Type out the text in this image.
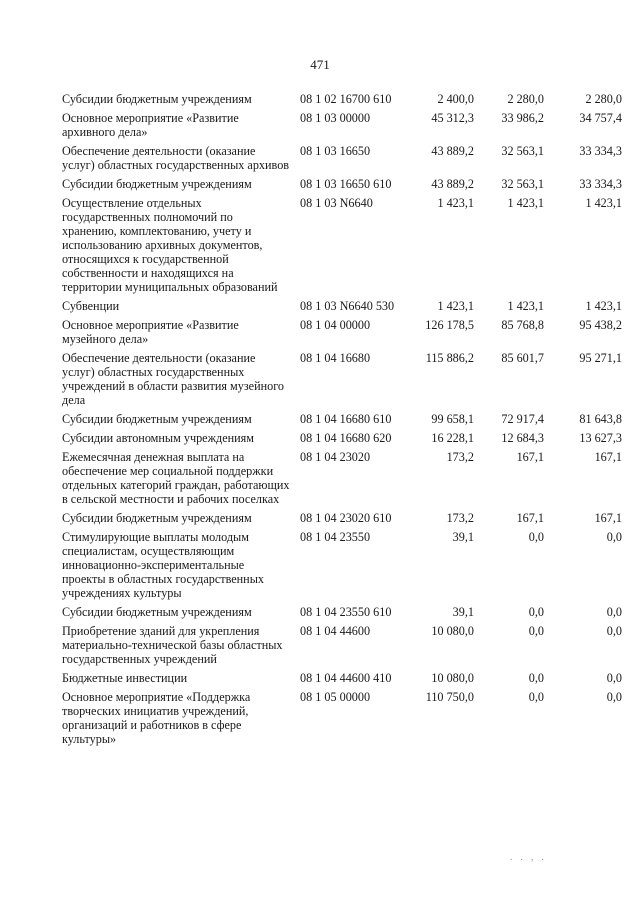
471
Субсидии бюджетным учреждениям	08 1 02 16700 610	2 400,0	2 280,0	2 280,0
Основное мероприятие «Развитие архивного дела»	08 1 03 00000	45 312,3	33 986,2	34 757,4
Обеспечение деятельности (оказание услуг) областных государственных архивов	08 1 03 16650	43 889,2	32 563,1	33 334,3
Субсидии бюджетным учреждениям	08 1 03 16650 610	43 889,2	32 563,1	33 334,3
Осуществление отдельных государственных полномочий по хранению, комплектованию, учету и использованию архивных документов, относящихся к государственной собственности и находящихся на территории муниципальных образований	08 1 03 N6640	1 423,1	1 423,1	1 423,1
Субвенции	08 1 03 N6640 530	1 423,1	1 423,1	1 423,1
Основное мероприятие «Развитие музейного дела»	08 1 04 00000	126 178,5	85 768,8	95 438,2
Обеспечение деятельности (оказание услуг) областных государственных учреждений в области развития музейного дела	08 1 04 16680	115 886,2	85 601,7	95 271,1
Субсидии бюджетным учреждениям	08 1 04 16680 610	99 658,1	72 917,4	81 643,8
Субсидии автономным учреждениям	08 1 04 16680 620	16 228,1	12 684,3	13 627,3
Ежемесячная денежная выплата на обеспечение мер социальной поддержки отдельных категорий граждан, работающих в сельской местности и рабочих поселках	08 1 04 23020	173,2	167,1	167,1
Субсидии бюджетным учреждениям	08 1 04 23020 610	173,2	167,1	167,1
Стимулирующие выплаты молодым специалистам, осуществляющим инновационно-экспериментальные проекты в областных государственных учреждениях культуры	08 1 04 23550	39,1	0,0	0,0
Субсидии бюджетным учреждениям	08 1 04 23550 610	39,1	0,0	0,0
Приобретение зданий для укрепления материально-технической базы областных государственных учреждений	08 1 04 44600	10 080,0	0,0	0,0
Бюджетные инвестиции	08 1 04 44600 410	10 080,0	0,0	0,0
Основное мероприятие «Поддержка творческих инициатив учреждений, организаций и работников в сфере культуры»	08 1 05 00000	110 750,0	0,0	0,0
. . , .
